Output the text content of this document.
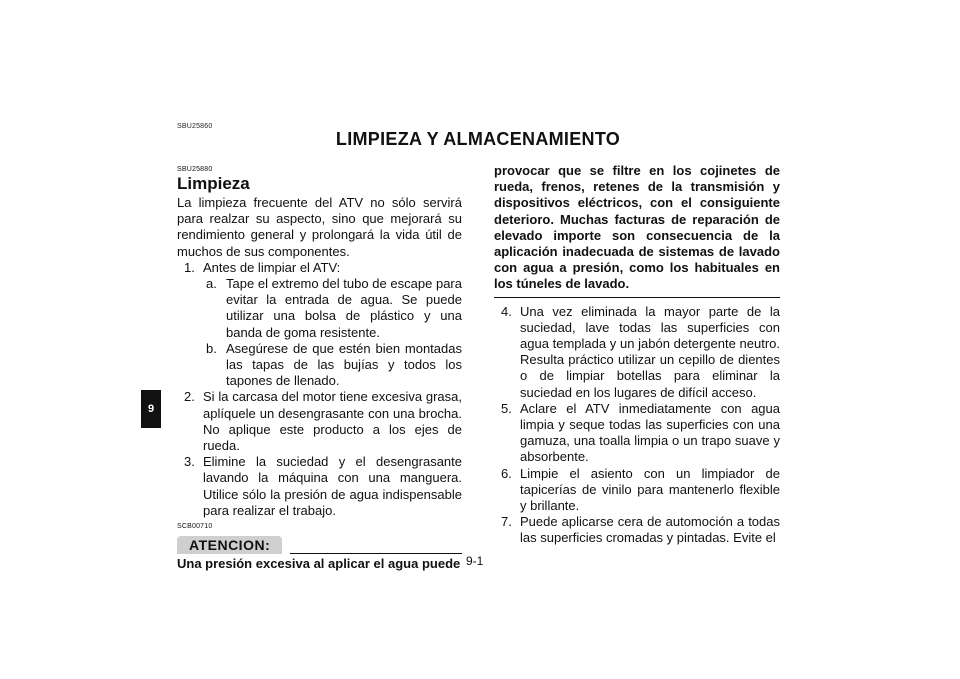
SBU25860
LIMPIEZA Y ALMACENAMIENTO
9
SBU25880
Limpieza

La limpieza frecuente del ATV no sólo servirá para realzar su aspecto, sino que mejorará su rendimiento general y prolongará la vida útil de muchos de sus componentes.

1. Antes de limpiar el ATV:
a. Tape el extremo del tubo de escape para evitar la entrada de agua. Se puede utilizar una bolsa de plástico y una banda de goma resistente.
b. Asegúrese de que estén bien montadas las tapas de las bujías y todos los tapones de llenado.
2. Si la carcasa del motor tiene excesiva grasa, aplíquele un desengrasante con una brocha. No aplique este producto a los ejes de rueda.
3. Elimine la suciedad y el desengrasante lavando la máquina con una manguera. Utilice sólo la presión de agua indispensable para realizar el trabajo.
SCB00710
ATENCION:

Una presión excesiva al aplicar el agua puede

provocar que se filtre en los cojinetes de rueda, frenos, retenes de la transmisión y dispositivos eléctricos, con el consiguiente deterioro. Muchas facturas de reparación de elevado importe son consecuencia de la aplicación inadecuada de sistemas de lavado con agua a presión, como los habituales en los túneles de lavado.

4. Una vez eliminada la mayor parte de la suciedad, lave todas las superficies con agua templada y un jabón detergente neutro. Resulta práctico utilizar un cepillo de dientes o de limpiar botellas para eliminar la suciedad en los lugares de difícil acceso.
5. Aclare el ATV inmediatamente con agua limpia y seque todas las superficies con una gamuza, una toalla limpia o un trapo suave y absorbente.
6. Limpie el asiento con un limpiador de tapicerías de vinilo para mantenerlo flexible y brillante.
7. Puede aplicarse cera de automoción a todas las superficies cromadas y pintadas. Evite el
9-1
